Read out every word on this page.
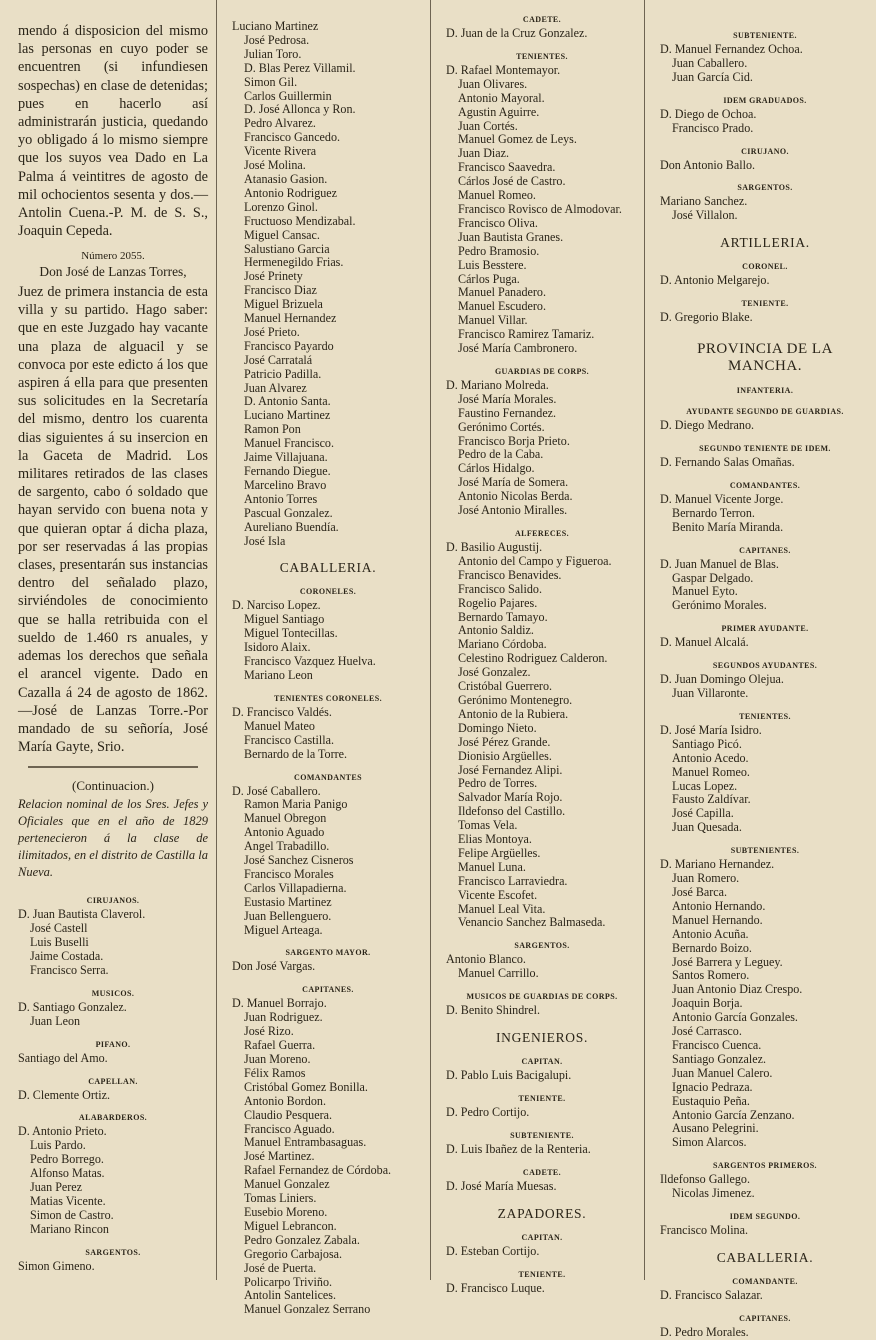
mendo á disposicion del mismo las personas en cuyo poder se encuentren (si infundiesen sospechas) en clase de detenidas; pues en hacerlo así administrarán justicia, quedando yo obligado á lo mismo siempre que los suyos vea Dado en La Palma á veintitres de agosto de mil ochocientos sesenta y dos.—Antolin Cuena.-P. M. de S. S., Joaquin Cepeda.

Número 2055.

Don José de Lanzas Torres,

Juez de primera instancia de esta villa y su partido. Hago saber: que en este Juzgado hay vacante una plaza de alguacil y se convoca por este edicto á los que aspiren á ella para que presenten sus solicitudes en la Secretaría del mismo, dentro los cuarenta dias siguientes á su insercion en la Gaceta de Madrid. Los militares retirados de las clases de sargento, cabo ó soldado que hayan servido con buena nota y que quieran optar á dicha plaza, por ser reservadas á las propias clases, presentarán sus instancias dentro del señalado plazo, sirviéndoles de conocimiento que se halla retribuida con el sueldo de 1.460 rs anuales, y ademas los derechos que señala el arancel vigente. Dado en Cazalla á 24 de agosto de 1862. —José de Lanzas Torre.-Por mandado de su señoría, José María Gayte, Srio.

(Continuacion.)

Relacion nominal de los Sres. Jefes y Oficiales que en el año de 1829 pertenecieron á la clase de ilimitados, en el distrito de Castilla la Nueva.

CIRUJANOS.
D. Juan Bautista Claverol.
José Castell
Luis Buselli
Jaime Costada.
Francisco Serra.
MUSICOS.
D. Santiago Gonzalez.
Juan Leon
PIFANO.
Santiago del Amo.
CAPELLAN.
D. Clemente Ortiz.
ALABARDEROS.
D. Antonio Prieto.
Luis Pardo.
Pedro Borrego.
Alfonso Matas.
Juan Perez
Matias Vicente.
Simon de Castro.
Mariano Rincon
SARGENTOS.
Simon Gimeno.
Luciano Martinez
José Pedrosa.
Julian Toro.
D. Blas Perez Villamil.
Simon Gil.
Carlos Guillermin
D. José Allonca y Ron.
Pedro Alvarez.
Francisco Gancedo.
Vicente Rivera
José Molina.
Atanasio Gasion.
Antonio Rodriguez
Lorenzo Ginol.
Fructuoso Mendizabal.
Miguel Cansac.
Salustiano Garcia
Hermenegildo Frias.
José Prinety
Francisco Diaz
Miguel Brizuela
Manuel Hernandez
José Prieto.
Francisco Payardo
José Carratalá
Patricio Padilla.
Juan Alvarez
D. Antonio Santa.
Luciano Martinez
Ramon Pon
Manuel Francisco.
Jaime Villajuana.
Fernando Diegue.
Marcelino Bravo
Antonio Torres
Pascual Gonzalez.
Aureliano Buendía.
José Isla

CABALLERIA.

CORONELES.
D. Narciso Lopez.
Miguel Santiago
Miguel Tontecillas.
Isidoro Alaix.
Francisco Vazquez Huelva.
Mariano Leon
TENIENTES CORONELES.
D. Francisco Valdés.
Manuel Mateo
Francisco Castilla.
Bernardo de la Torre.
COMANDANTES
D. José Caballero.
Ramon Maria Panigo
Manuel Obregon
Antonio Aguado
Angel Trabadillo.
José Sanchez Cisneros
Francisco Morales
Carlos Villapadierna.
Eustasio Martinez
Juan Bellenguero.
Miguel Arteaga.
SARGENTO MAYOR.
Don José Vargas.
CAPITANES.
D. Manuel Borrajo.
Juan Rodriguez.
José Rizo.
Rafael Guerra.
Juan Moreno.
Félix Ramos
Cristóbal Gomez Bonilla.
Antonio Bordon.
Claudio Pesquera.
Francisco Aguado.
Manuel Entrambasaguas.
José Martinez.
Rafael Fernandez de Córdoba.
Manuel Gonzalez
Tomas Liniers.
Eusebio Moreno.
Miguel Lebrancon.
Pedro Gonzalez Zabala.
Gregorio Carbajosa.
José de Puerta.
Policarpo Triviño.
Antolin Santelices.
Manuel Gonzalez Serrano
CADETE.
D. Juan de la Cruz Gonzalez.
TENIENTES.
D. Rafael Montemayor.
Juan Olivares.
Antonio Mayoral.
Agustin Aguirre.
Juan Cortés.
Manuel Gomez de Leys.
Juan Diaz.
Francisco Saavedra.
Cárlos José de Castro.
Manuel Romeo.
Francisco Rovisco de Almodovar.
Francisco Oliva.
Juan Bautista Granes.
Pedro Bramosio.
Luis Besstere.
Cárlos Puga.
Manuel Panadero.
Manuel Escudero.
Manuel Villar.
Francisco Ramirez Tamariz.
José María Cambronero.
GUARDIAS DE CORPS.
D. Mariano Molreda.
José María Morales.
Faustino Fernandez.
Gerónimo Cortés.
Francisco Borja Prieto.
Pedro de la Caba.
Cárlos Hidalgo.
José María de Somera.
Antonio Nicolas Berda.
José Antonio Miralles.
ALFERECES.
D. Basilio Augustij.
Antonio del Campo y Figueroa.
Francisco Benavides.
Francisco Salido.
Rogelio Pajares.
Bernardo Tamayo.
Antonio Saldiz.
Mariano Córdoba.
Celestino Rodriguez Calderon.
José Gonzalez.
Cristóbal Guerrero.
Gerónimo Montenegro.
Antonio de la Rubiera.
Domingo Nieto.
José Pérez Grande.
Dionisio Argüelles.
José Fernandez Alipi.
Pedro de Torres.
Salvador María Rojo.
Ildefonso del Castillo.
Tomas Vela.
Elias Montoya.
Felipe Argüelles.
Manuel Luna.
Francisco Larraviedra.
Vicente Escofet.
Manuel Leal Vita.
Venancio Sanchez Balmaseda.
SARGENTOS.
Antonio Blanco.
Manuel Carrillo.
MUSICOS DE GUARDIAS DE CORPS.
D. Benito Shindrel.

INGENIEROS.

CAPITAN.
D. Pablo Luis Bacigalupi.
TENIENTE.
D. Pedro Cortijo.
SUBTENIENTE.
D. Luis Ibañez de la Renteria.
CADETE.
D. José María Muesas.

ZAPADORES.

CAPITAN.
D. Esteban Cortijo.
TENIENTE.
D. Francisco Luque.
SUBTENIENTE.
D. Manuel Fernandez Ochoa.
Juan Caballero.
Juan García Cid.
IDEM GRADUADOS.
D. Diego de Ochoa.
Francisco Prado.
CIRUJANO.
Don Antonio Ballo.
SARGENTOS.
Mariano Sanchez.
José Villalon.

ARTILLERIA.

CORONEL.
D. Antonio Melgarejo.
TENIENTE.
D. Gregorio Blake.

PROVINCIA DE LA MANCHA.

INFANTERIA.

AYUDANTE SEGUNDO DE GUARDIAS.
D. Diego Medrano.
SEGUNDO TENIENTE DE IDEM.
D. Fernando Salas Omañas.
COMANDANTES.
D. Manuel Vicente Jorge.
Bernardo Terron.
Benito María Miranda.
CAPITANES.
D. Juan Manuel de Blas.
Gaspar Delgado.
Manuel Eyto.
Gerónimo Morales.
PRIMER AYUDANTE.
D. Manuel Alcalá.
SEGUNDOS AYUDANTES.
D. Juan Domingo Olejua.
Juan Villaronte.
TENIENTES.
D. José María Isidro.
Santiago Picó.
Antonio Acedo.
Manuel Romeo.
Lucas Lopez.
Fausto Zaldívar.
José Capilla.
Juan Quesada.
SUBTENIENTES.
D. Mariano Hernandez.
Juan Romero.
José Barca.
Antonio Hernando.
Manuel Hernando.
Antonio Acuña.
Bernardo Boizo.
José Barrera y Leguey.
Santos Romero.
Juan Antonio Diaz Crespo.
Joaquin Borja.
Antonio García Gonzales.
José Carrasco.
Francisco Cuenca.
Santiago Gonzalez.
Juan Manuel Calero.
Ignacio Pedraza.
Eustaquio Peña.
Antonio García Zenzano.
Ausano Pelegrini.
Simon Alarcos.
SARGENTOS PRIMEROS.
Ildefonso Gallego.
Nicolas Jimenez.
IDEM SEGUNDO.
Francisco Molina.

CABALLERIA.

COMANDANTE.
D. Francisco Salazar.
CAPITANES.
D. Pedro Morales.
